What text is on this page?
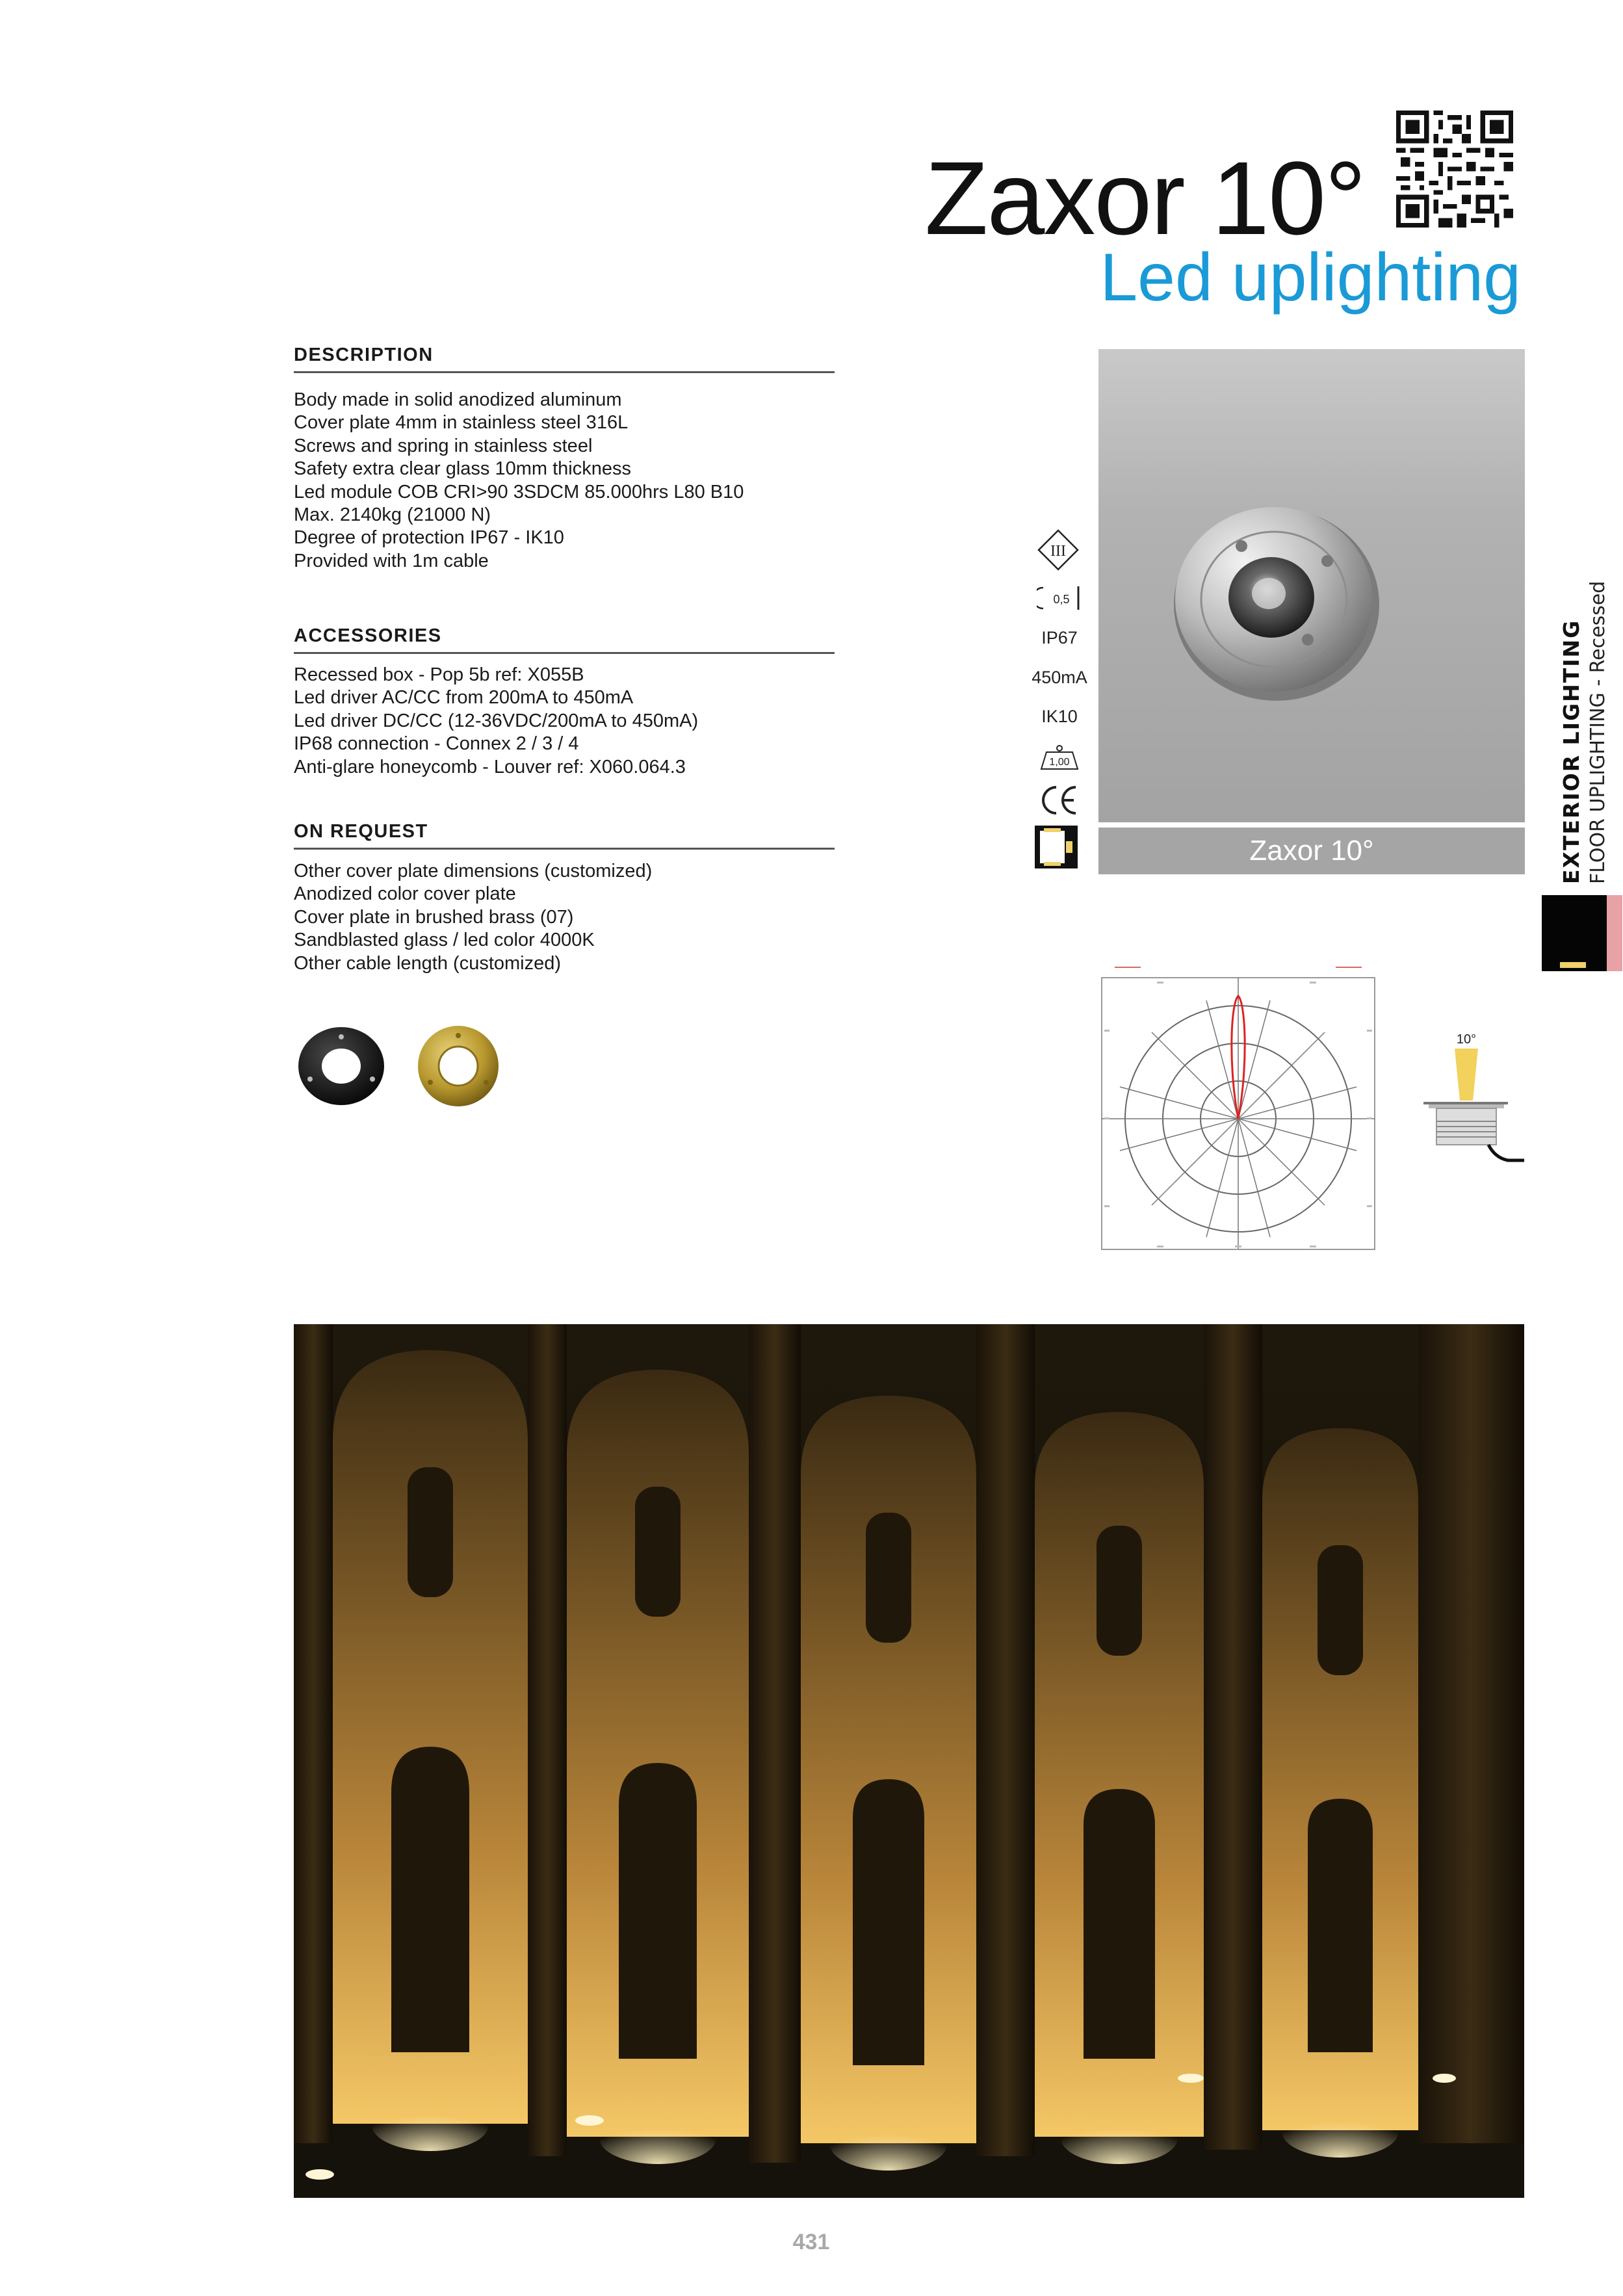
Zaxor 10°
Led uplighting
DESCRIPTION
Body made in solid anodized aluminum
Cover plate 4mm in stainless steel 316L
Screws and spring in stainless steel
Safety extra clear glass 10mm thickness
Led module COB CRI>90 3SDCM 85.000hrs L80 B10
Max. 2140kg (21000 N)
Degree of protection IP67 - IK10
Provided with 1m cable
ACCESSORIES
Recessed box - Pop 5b ref: X055B
Led driver AC/CC from 200mA to 450mA
Led driver DC/CC (12-36VDC/200mA to 450mA)
IP68 connection - Connex 2 / 3 / 4
Anti-glare honeycomb - Louver ref: X060.064.3
ON REQUEST
Other cover plate dimensions (customized)
Anodized color cover plate
Cover plate in brushed brass (07)
Sandblasted glass / led color 4000K
Other cable length (customized)
III
0,5
IP67
450mA
IK10
1,00
Zaxor 10°	EXTERIOR LIGHTING FLOOR UPLIGHTING - Recessed
10°
431
